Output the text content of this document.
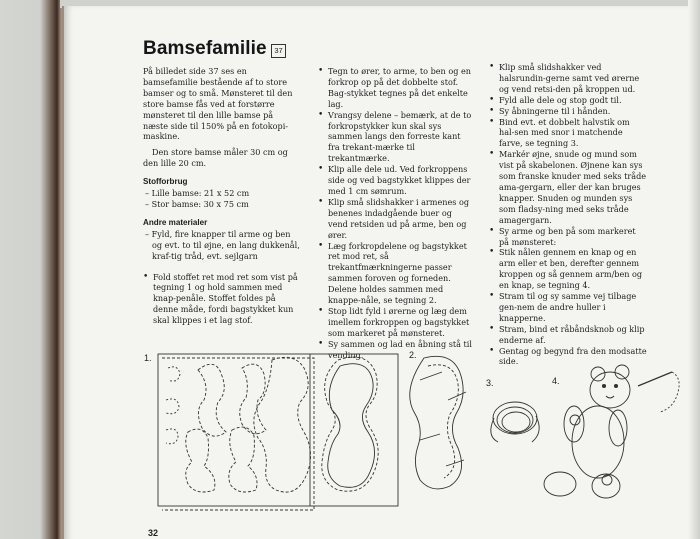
Bamsefamilie	37

På billedet side 37 ses en bamsefamilie bestående af to store bamser og to små. Mønsteret til den store bamse fås ved at forstørre mønsteret til den lille bamse på næste side til 150% på en fotokopi-maskine.

Den store bamse måler 30 cm og den lille 20 cm.

Stofforbrug
– Lille bamse: 21 x 52 cm
– Stor bamse: 30 x 75 cm
Andre materialer
– Fyld, fire knapper til arme og ben og evt. to til øjne, en lang dukkenål, kraf-tig tråd, evt. sejlgarn
• Fold stoffet ret mod ret som vist på tegning 1 og hold sammen med knap-penåle. Stoffet foldes på denne måde, fordi bagstykket kun skal klippes i et lag stof.
• Tegn to ører, to arme, to ben og en forkrop op på det dobbelte stof. Bag-stykket tegnes på det enkelte lag.
• Vrangsy delene – bemærk, at de to forkropstykker kun skal sys sammen langs den forreste kant fra trekant-mærke til trekantmærke.
• Klip alle dele ud. Ved forkroppens side og ved bagstykket klippes der med 1 cm sømrum.
• Klip små slidshakker i armenes og benenes indadgående buer og vend retsiden ud på arme, ben og ører.
• Læg forkropdelene og bagstykket ret mod ret, så trekantfmærkningerne passer sammen foroven og forneden. Delene holdes sammen med knappe-nåle, se tegning 2.
• Stop lidt fyld i ørerne og læg dem imellem forkroppen og bagstykket som markeret på mønsteret.
• Sy sammen og lad en åbning stå til vending.
• Klip små slidshakker ved halsrundin-gerne samt ved ørerne og vend retsi-den på kroppen ud.
• Fyld alle dele og stop godt til.
• Sy åbningerne til i hånden.
• Bind evt. et dobbelt halvstik om hal-sen med snor i matchende farve, se tegning 3.
• Markér øjne, snude og mund som vist på skabelonen. Øjnene kan sys som franske knuder med seks tråde ama-gergarn, eller der kan bruges knapper. Snuden og munden sys som fladsy-ning med seks tråde amagergarn.
• Sy arme og ben på som markeret på mønsteret:
• Stik nålen gennem en knap og en arm eller et ben, derefter gennem kroppen og så gennem arm/ben og en knap, se tegning 4.
• Stram til og sy samme vej tilbage gen-nem de andre huller i knapperne.
• Stram, bind et råbåndsknob og klip enderne af.
• Gentag og begynd fra den modsatte side.
1.	2.
3.	4.
32
